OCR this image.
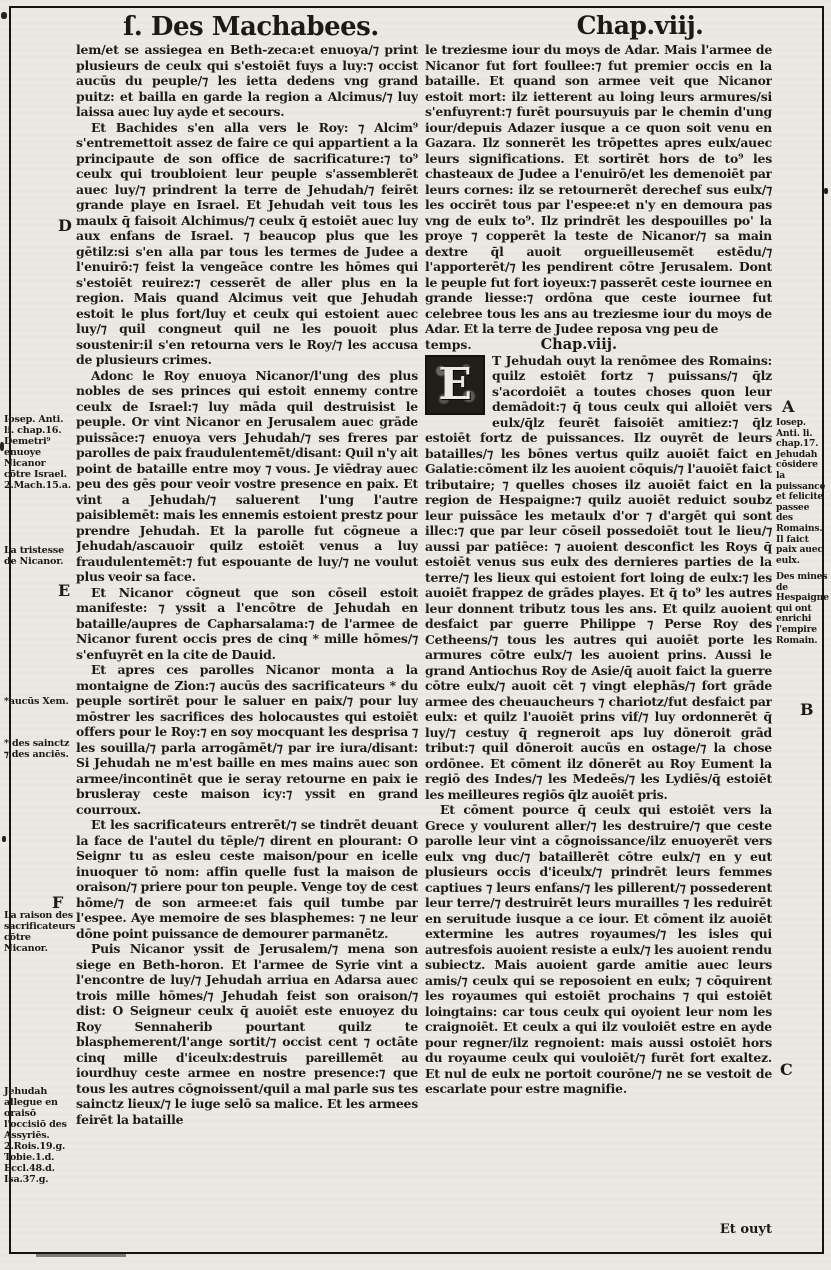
ſ. Des Machabees.	Chap.viij.

lem/et se assiegea en Beth-zeca:et enuoya/⁊ print plusieurs de ceulx qui s'estoiēt fuys a luy:⁊ occist aucūs du peuple/⁊ les ietta dedens vng grand puitz: et bailla en garde la region a Alcimus/⁊ luy laissa auec luy ayde et secours.

Et Bachides s'en alla vers le Roy: ⁊ Alcim⁹ s'entremettoit assez de faire ce qui appartient a la principaute de son office de sacrificature:⁊ to⁹ ceulx qui troubloient leur peuple s'assemblerēt auec luy/⁊ prindrent la terre de Jehudah/⁊ feirēt grande playe en Israel. Et Jehudah veit tous les maulx q̄ faisoit Alchimus/⁊ ceulx q̄ estoiēt auec luy aux enfans de Israel. ⁊ beaucop plus que les gētilz:si s'en alla par tous les termes de Judee a l'enuirō:⁊ feist la vengeāce contre les hōmes qui s'estoiēt reuirez:⁊ cesserēt de aller plus en la region. Mais quand Alcimus veit que Jehudah estoit le plus fort/luy et ceulx qui estoient auec luy/⁊ quil congneut quil ne les pouoit plus soustenir:il s'en retourna vers le Roy/⁊ les accusa de plusieurs crimes.

Adonc le Roy enuoya Nicanor/l'ung des plus nobles de ses princes qui estoit ennemy contre ceulx de Israel:⁊ luy māda quil destruisist le peuple. Or vint Nicanor en Jerusalem auec grāde puissāce:⁊ enuoya vers Jehudah/⁊ ses freres par parolles de paix fraudulentemēt/disant: Quil n'y ait point de bataille entre moy ⁊ vous. Je viēdray auec peu des gēs pour veoir vostre presence en paix. Et vint a Jehudah/⁊ saluerent l'ung l'autre paisiblemēt: mais les ennemis estoient prestz pour prendre Jehudah. Et la parolle fut cōgneue a Jehudah/ascauoir quilz estoiēt venus a luy fraudulentemēt:⁊ fut espouante de luy/⁊ ne voulut plus veoir sa face.

Et Nicanor cōgneut que son cōseil estoit manifeste: ⁊ yssit a l'encōtre de Jehudah en bataille/aupres de Capharsalama:⁊ de l'armee de Nicanor furent occis pres de cinq * mille hōmes/⁊ s'enfuyrēt en la cite de Dauid.

Et apres ces parolles Nicanor monta a la montaigne de Zion:⁊ aucūs des sacrificateurs * du peuple sortirēt pour le saluer en paix/⁊ pour luy mōstrer les sacrifices des holocaustes qui estoiēt offers pour le Roy:⁊ en soy mocquant les desprisa ⁊ les souilla/⁊ parla arrogāmēt/⁊ par ire iura/disant: Si Jehudah ne m'est baille en mes mains auec son armee/incontinēt que ie seray retourne en paix ie brusleray ceste maison icy:⁊ yssit en grand courroux.

Et les sacrificateurs entrerēt/⁊ se tindrēt deuant la face de l'autel du tēple/⁊ dirent en plourant: O Seignr tu as esleu ceste maison/pour en icelle inuoquer tō nom: affin quelle fust la maison de oraison/⁊ priere pour ton peuple. Venge toy de cest hōme/⁊ de son armee:et fais quil tumbe par l'espee. Aye memoire de ses blasphemes: ⁊ ne leur dōne point puissance de demourer parmanētz.

Puis Nicanor yssit de Jerusalem/⁊ mena son siege en Beth-horon. Et l'armee de Syrie vint a l'encontre de luy/⁊ Jehudah arriua en Adarsa auec trois mille hōmes/⁊ Jehudah feist son oraison/⁊ dist: O Seigneur ceulx q̄ auoiēt este enuoyez du Roy Sennaherib pourtant quilz te blasphemerent/l'ange sortit/⁊ occist cent ⁊ octāte cinq mille d'iceulx:destruis pareillemēt au iourdhuy ceste armee en nostre presence:⁊ que tous les autres cōgnoissent/quil a mal parle sus tes sainctz lieux/⁊ le iuge selō sa malice. Et les armees feirēt la bataille

le treziesme iour du moys de Adar. Mais l'armee de Nicanor fut fort foullee:⁊ fut premier occis en la bataille. Et quand son armee veit que Nicanor estoit mort: ilz ietterent au loing leurs armures/si s'enfuyrent:⁊ furēt poursuyuis par le chemin d'ung iour/depuis Adazer iusque a ce quon soit venu en Gazara. Ilz sonnerēt les trōpettes apres eulx/auec leurs significations. Et sortirēt hors de to⁹ les chasteaux de Judee a l'enuirō/et les demenoiēt par leurs cornes: ilz se retournerēt derechef sus eulx/⁊ les occirēt tous par l'espee:et n'y en demoura pas vng de eulx to⁹. Ilz prindrēt les despouilles po' la proye ⁊ copperēt la teste de Nicanor/⁊ sa main dextre q̄l auoit orgueilleusemēt estēdu/⁊ l'apporterēt/⁊ les pendirent cōtre Jerusalem. Dont le peuple fut fort ioyeux:⁊ passerēt ceste iournee en grande liesse:⁊ ordōna que ceste iournee fut celebree tous les ans au treziesme iour du moys de Adar. Et la terre de Judee reposa vng peu de

temps.	Chap.viij.

E T Jehudah ouyt la renōmee des Romains: quilz estoiēt fortz ⁊ puissans/⁊ q̄lz s'acordoiēt a toutes choses quon leur demādoit:⁊ q̄ tous ceulx qui alloiēt vers eulx/q̄lz feurēt faisoiēt amitiez:⁊ q̄lz estoiēt fortz de puissances. Ilz ouyrēt de leurs batailles/⁊ les bōnes vertus quilz auoiēt faict en Galatie:cōment ilz les auoient cōquis/⁊ l'auoiēt faict tributaire; ⁊ quelles choses ilz auoiēt faict en la region de Hespaigne:⁊ quilz auoiēt reduict soubz leur puissāce les metaulx d'or ⁊ d'argēt qui sont illec:⁊ que par leur cōseil possedoiēt tout le lieu/⁊ aussi par patiēce: ⁊ auoient desconfict les Roys q̄ estoiēt venus sus eulx des dernieres parties de la terre/⁊ les lieux qui estoient fort loing de eulx:⁊ les auoiēt frappez de grādes playes. Et q̄ to⁹ les autres leur donnent tributz tous les ans. Et quilz auoient desfaict par guerre Philippe ⁊ Perse Roy des Cetheens/⁊ tous les autres qui auoiēt porte les armures cōtre eulx/⁊ les auoient prins. Aussi le grand Antiochus Roy de Asie/q̄ auoit faict la guerre cōtre eulx/⁊ auoit cēt ⁊ vingt elephās/⁊ fort grāde armee des cheuaucheurs ⁊ chariotz/fut desfaict par eulx: et quilz l'auoiēt prins vif/⁊ luy ordonnerēt q̄ luy/⁊ cestuy q̄ regneroit aps luy dōneroit grād tribut:⁊ quil dōneroit aucūs en ostage/⁊ la chose ordōnee. Et cōment ilz dōnerēt au Roy Eument la regiō des Indes/⁊ les Medeēs/⁊ les Lydiēs/q̄ estoiēt les meilleures regiōs q̄lz auoiēt pris.

Et cōment pource q̄ ceulx qui estoiēt vers la Grece y voulurent aller/⁊ les destruire/⁊ que ceste parolle leur vint a cōgnoissance/ilz enuoyerēt vers eulx vng duc/⁊ bataillerēt cōtre eulx/⁊ en y eut plusieurs occis d'iceulx/⁊ prindrēt leurs femmes captiues ⁊ leurs enfans/⁊ les pillerent/⁊ possederent leur terre/⁊ destruirēt leurs murailles ⁊ les reduirēt en seruitude iusque a ce iour. Et cōment ilz auoiēt extermine les autres royaumes/⁊ les isles qui autresfois auoient resiste a eulx/⁊ les auoient rendu subiectz. Mais auoient garde amitie auec leurs amis/⁊ ceulx qui se reposoient en eulx; ⁊ cōquirent les royaumes qui estoiēt prochains ⁊ qui estoiēt loingtains: car tous ceulx qui oyoient leur nom les craignoiēt. Et ceulx a qui ilz vouloiēt estre en ayde pour regner/ilz regnoient: mais aussi ostoiēt hors du royaume ceulx qui vouloiēt/⁊ furēt fort exaltez. Et nul de eulx ne portoit courōne/⁊ ne se vestoit de escarlate pour estre magnifie.

Et ouyt
D
Iosep. Anti. li. chap.16. Demetri⁹ enuoye Nicanor cōtre Israel. 2.Mach.15.a.
La tristesse de Nicanor.
E
*aucūs Xem.
* des sainctz ⁊ des anciēs.
F
La raison des sacrificateurs cōtre Nicanor.
Jehudah allegue en oraisō l'occisiō des Assyriēs. 2.Rois.19.g. Tobie.1.d. Eccl.48.d. Isa.37.g.
A
Iosep. Anti. li. chap.17. Jehudah cōsidere la puissance et felicite passee des Romains. Il faict paix auec eulx.
Des mines de Hespaigne qui ont enrichi l'empire Romain.
B
C
